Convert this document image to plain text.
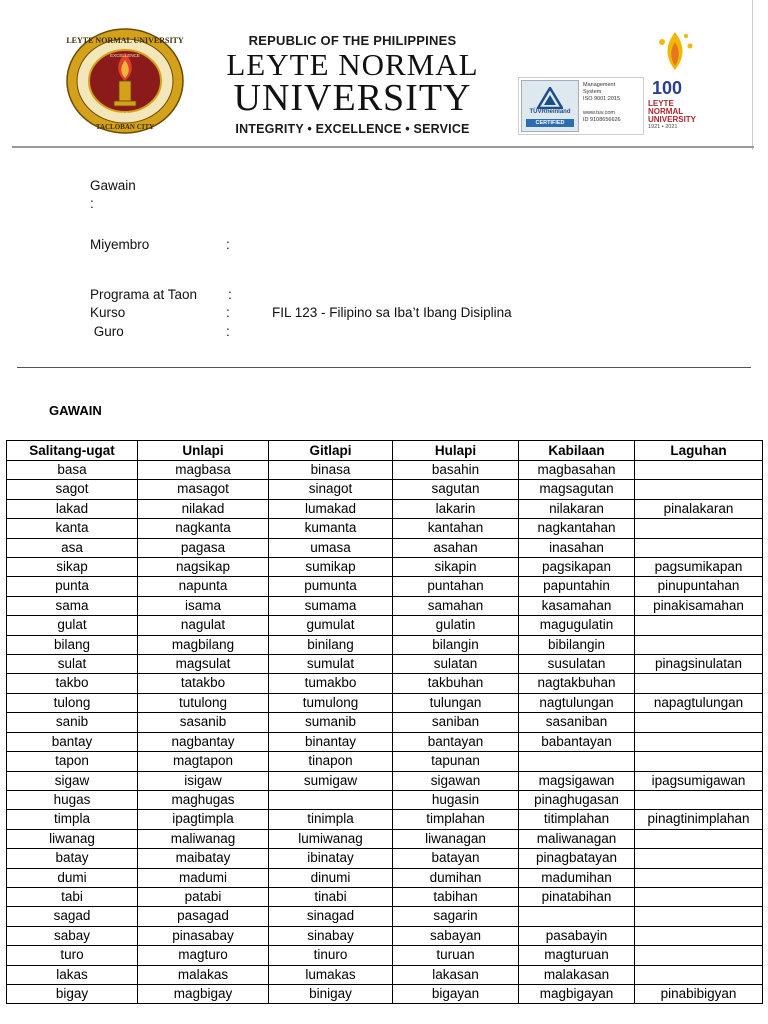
1921
LEYTE NORMAL UNIVERSITY
TACLOBAN CITY
EXCELLENCE
REPUBLIC OF THE PHILIPPINES
LEYTE NORMAL
UNIVERSITY
INTEGRITY • EXCELLENCE • SERVICE
TÜVRheinland
CERTIFIED
Management
System
ISO 9001:2015

www.tuv.com
ID 9108656626
100
LEYTE NORMAL UNIVERSITY
1921 • 2021
Gawain
:
Miyembro	:
Programa at Taon :
Kurso	:	FIL 123 - Filipino sa Iba’t Ibang Disiplina
Guro	:
GAWAIN
Salitang-ugat	Unlapi	Gitlapi	Hulapi	Kabilaan	Laguhan
basa	magbasa	binasa	basahin	magbasahan	
sagot	masagot	sinagot	sagutan	magsagutan	
lakad	nilakad	lumakad	lakarin	nilakaran	pinalakaran
kanta	nagkanta	kumanta	kantahan	nagkantahan	
asa	pagasa	umasa	asahan	inasahan	
sikap	nagsikap	sumikap	sikapin	pagsikapan	pagsumikapan
punta	napunta	pumunta	puntahan	papuntahin	pinupuntahan
sama	isama	sumama	samahan	kasamahan	pinakisamahan
gulat	nagulat	gumulat	gulatin	magugulatin	
bilang	magbilang	binilang	bilangin	bibilangin	
sulat	magsulat	sumulat	sulatan	susulatan	pinagsinulatan
takbo	tatakbo	tumakbo	takbuhan	nagtakbuhan	
tulong	tutulong	tumulong	tulungan	nagtulungan	napagtulungan
sanib	sasanib	sumanib	saniban	sasaniban	
bantay	nagbantay	binantay	bantayan	babantayan	
tapon	magtapon	tinapon	tapunan		
sigaw	isigaw	sumigaw	sigawan	magsigawan	ipagsumigawan
hugas	maghugas		hugasin	pinaghugasan	
timpla	ipagtimpla	tinimpla	timplahan	titimplahan	pinagtinimplahan
liwanag	maliwanag	lumiwanag	liwanagan	maliwanagan	
batay	maibatay	ibinatay	batayan	pinagbatayan	
dumi	madumi	dinumi	dumihan	madumihan	
tabi	patabi	tinabi	tabihan	pinatabihan	
sagad	pasagad	sinagad	sagarin		
sabay	pinasabay	sinabay	sabayan	pasabayin	
turo	magturo	tinuro	turuan	magturuan	
lakas	malakas	lumakas	lakasan	malakasan	
bigay	magbigay	binigay	bigayan	magbigayan	pinabibigyan
